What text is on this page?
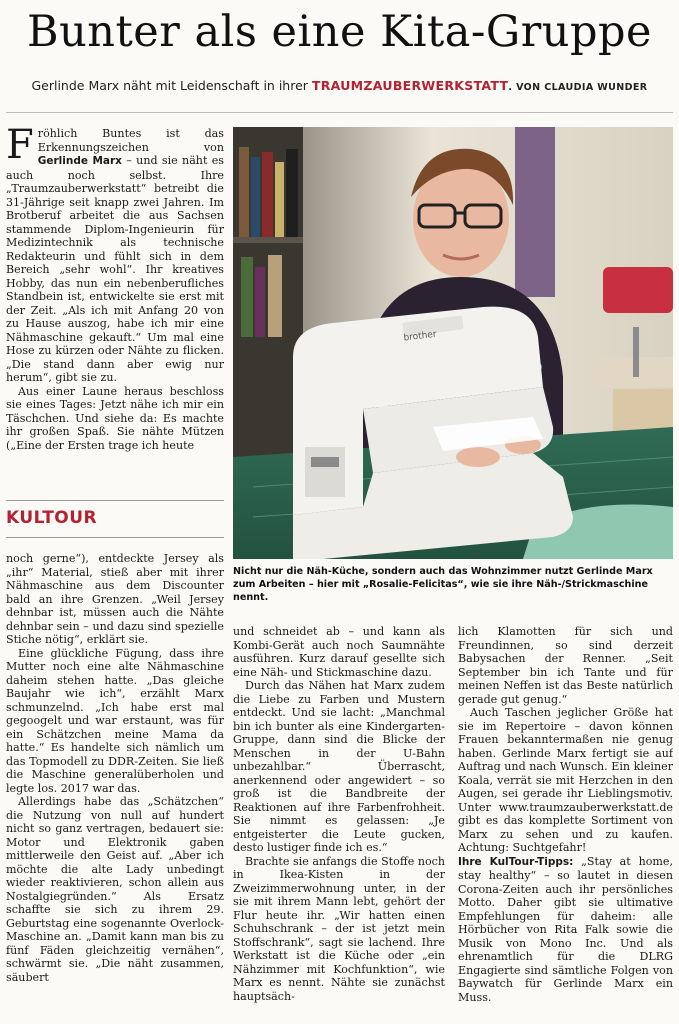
Bunter als eine Kita-Gruppe
Gerlinde Marx näht mit Leidenschaft in ihrer TRAUMZAUBERWERKSTATT. VON CLAUDIA WUNDER

Fröhlich Buntes ist das Erkennungszeichen von Gerlinde Marx – und sie näht es auch noch selbst. Ihre „Traumzauberwerkstatt“ betreibt die 31-Jährige seit knapp zwei Jahren. Im Brotberuf arbeitet die aus Sachsen stammende Diplom-Ingenieurin für Medizintechnik als technische Redakteurin und fühlt sich in dem Bereich „sehr wohl“. Ihr kreatives Hobby, das nun ein nebenberufliches Standbein ist, entwickelte sie erst mit der Zeit. „Als ich mit Anfang 20 von zu Hause auszog, habe ich mir eine Nähmaschine gekauft.“ Um mal eine Hose zu kürzen oder Nähte zu flicken. „Die stand dann aber ewig nur herum“, gibt sie zu.

Aus einer Laune heraus beschloss sie eines Tages: Jetzt nähe ich mir ein Täschchen. Und siehe da: Es machte ihr großen Spaß. Sie nähte Mützen („Eine der Ersten trage ich heute

KULTOUR

noch gerne“), entdeckte Jersey als „ihr“ Material, stieß aber mit ihrer Nähmaschine aus dem Discounter bald an ihre Grenzen. „Weil Jersey dehnbar ist, müssen auch die Nähte dehnbar sein – und dazu sind spezielle Stiche nötig“, erklärt sie.

Eine glückliche Fügung, dass ihre Mutter noch eine alte Nähmaschine daheim stehen hatte. „Das gleiche Baujahr wie ich“, erzählt Marx schmunzelnd. „Ich habe erst mal gegoogelt und war erstaunt, was für ein Schätzchen meine Mama da hatte.“ Es handelte sich nämlich um das Topmodell zu DDR-Zeiten. Sie ließ die Maschine generalüberholen und legte los. 2017 war das.

Allerdings habe das „Schätzchen“ die Nutzung von null auf hundert nicht so ganz vertragen, bedauert sie: Motor und Elektronik gaben mittlerweile den Geist auf. „Aber ich möchte die alte Lady unbedingt wieder reaktivieren, schon allein aus Nostalgiegründen.“ Als Ersatz schaffte sie sich zu ihrem 29. Geburtstag eine sogenannte Overlock-Maschine an. „Damit kann man bis zu fünf Fäden gleichzeitig vernähen“, schwärmt sie. „Die näht zusammen, säubert

brother
Nicht nur die Näh-Küche, sondern auch das Wohnzimmer nutzt Gerlinde Marx zum Arbeiten – hier mit „Rosalie-Felicitas“, wie sie ihre Näh-/Strickmaschine nennt.

und schneidet ab – und kann als Kombi-Gerät auch noch Saumnähte ausführen. Kurz darauf gesellte sich eine Näh- und Stickmaschine dazu.

Durch das Nähen hat Marx zudem die Liebe zu Farben und Mustern entdeckt. Und sie lacht: „Manchmal bin ich bunter als eine Kindergarten-Gruppe, dann sind die Blicke der Menschen in der U-Bahn unbezahlbar.“ Überrascht, anerkennend oder angewidert – so groß ist die Bandbreite der Reaktionen auf ihre Farbenfrohheit. Sie nimmt es gelassen: „Je entgeisterter die Leute gucken, desto lustiger finde ich es.“

Brachte sie anfangs die Stoffe noch in Ikea-Kisten in der Zweizimmerwohnung unter, in der sie mit ihrem Mann lebt, gehört der Flur heute ihr. „Wir hatten einen Schuhschrank – der ist jetzt mein Stoffschrank“, sagt sie lachend. Ihre Werkstatt ist die Küche oder „ein Nähzimmer mit Kochfunktion“, wie Marx es nennt. Nähte sie zunächst hauptsäch-

lich Klamotten für sich und Freundinnen, so sind derzeit Babysachen der Renner. „Seit September bin ich Tante und für meinen Neffen ist das Beste natürlich gerade gut genug.“

Auch Taschen jeglicher Größe hat sie im Repertoire – davon können Frauen bekanntermaßen nie genug haben. Gerlinde Marx fertigt sie auf Auftrag und nach Wunsch. Ein kleiner Koala, verrät sie mit Herzchen in den Augen, sei gerade ihr Lieblingsmotiv. Unter www.traumzauberwerkstatt.de gibt es das komplette Sortiment von Marx zu sehen und zu kaufen. Achtung: Suchtgefahr!

Ihre KulTour-Tipps: „Stay at home, stay healthy“ – so lautet in diesen Corona-Zeiten auch ihr persönliches Motto. Daher gibt sie ultimative Empfehlungen für daheim: alle Hörbücher von Rita Falk sowie die Musik von Mono Inc. Und als ehrenamtlich für die DLRG Engagierte sind sämtliche Folgen von Baywatch für Gerlinde Marx ein Muss.
